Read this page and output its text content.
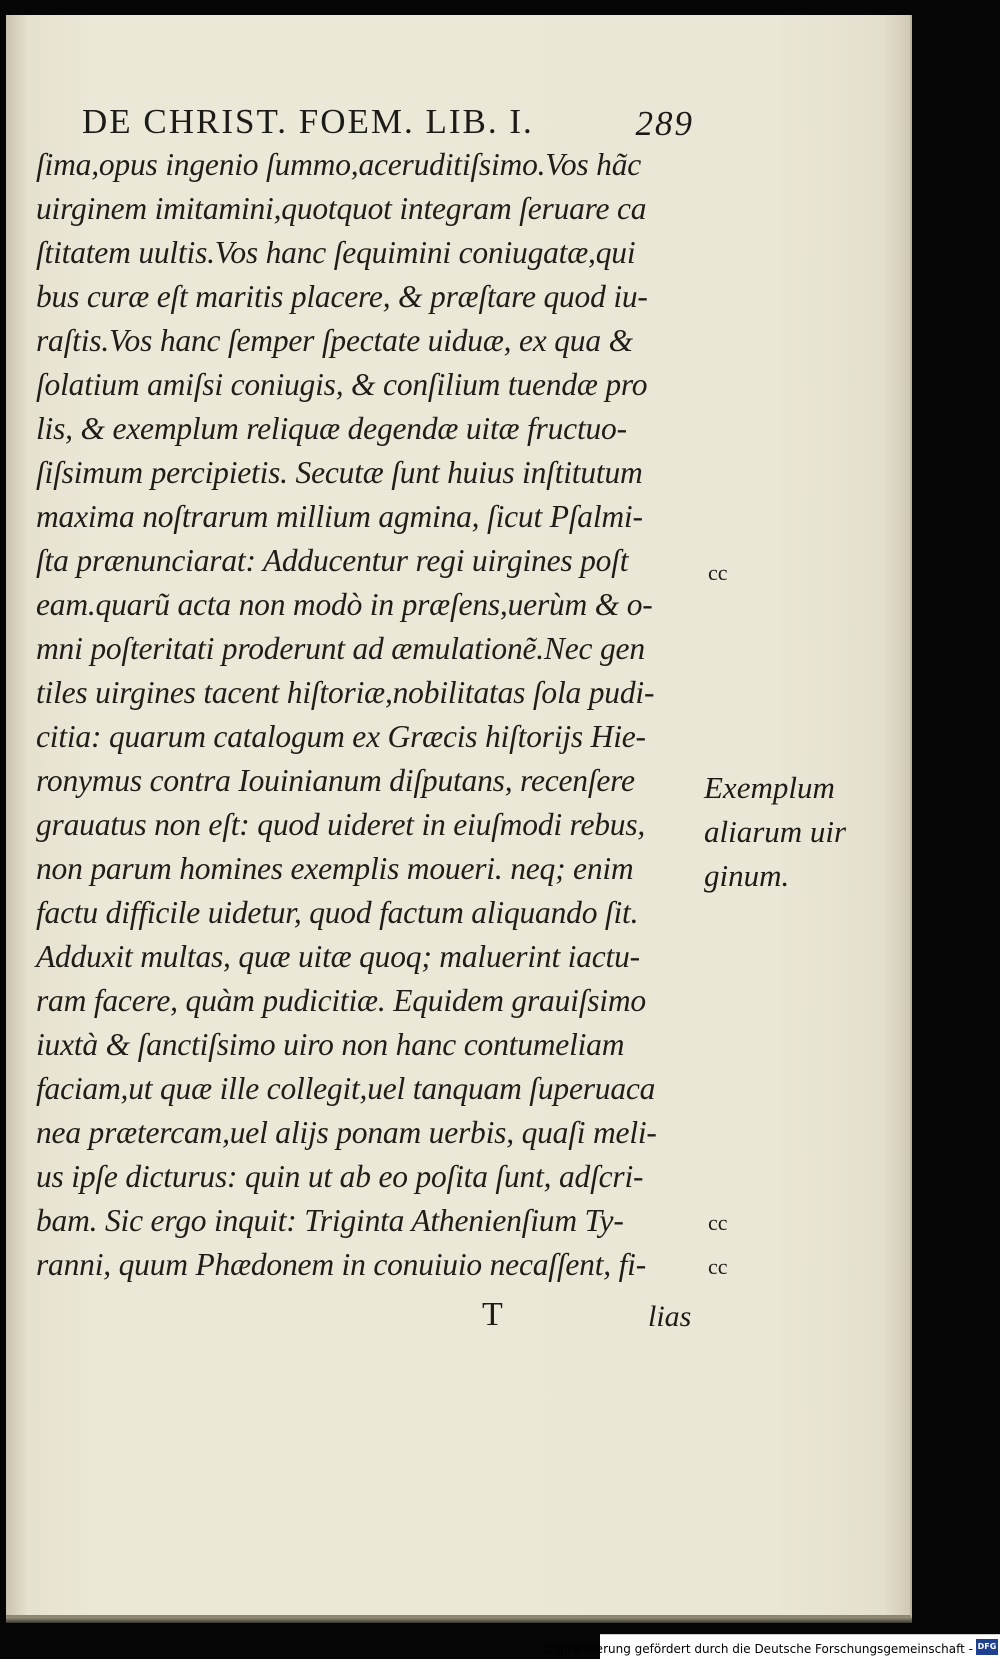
DE CHRIST. FOEM. LIB. I.	289
ſima,opus ingenio ſummo,aceruditiſsimo.Vos hãc
uirginem imitamini,quotquot integram ſeruare ca
ſtitatem uultis.Vos hanc ſequimini coniugatæ,qui
bus curæ eſt maritis placere, & præſtare quod iu-
raſtis.Vos hanc ſemper ſpectate uiduæ, ex qua &
ſolatium amiſsi coniugis, & conſilium tuendæ pro
lis, & exemplum reliquæ degendæ uitæ fructuo-
ſiſsimum percipietis. Secutæ ſunt huius inſtitutum
maxima noſtrarum millium agmina, ſicut Pſalmi-
ſta prænunciarat: Adducentur regi uirgines poſt
eam.quarũ acta non modò in præſens,uerùm & o-
mni poſteritati proderunt ad æmulationẽ.Nec gen
tiles uirgines tacent hiſtoriæ,nobilitatas ſola pudi-
citia: quarum catalogum ex Græcis hiſtorijs Hie-
ronymus contra Iouinianum diſputans, recenſere
grauatus non eſt: quod uideret in eiuſmodi rebus,
non parum homines exemplis moueri. neq; enim
factu difficile uidetur, quod factum aliquando ſit.
Adduxit multas, quæ uitæ quoq; maluerint iactu-
ram facere, quàm pudicitiæ. Equidem grauiſsimo
iuxtà & ſanctiſsimo uiro non hanc contumeliam
faciam,ut quæ ille collegit,uel tanquam ſuperuaca
nea prætercam,uel alijs ponam uerbis, quaſi meli-
us ipſe dicturus: quin ut ab eo poſita ſunt, adſcri-
bam. Sic ergo inquit: Triginta Athenienſium Ty-
ranni, quum Phædonem in conuiuio necaſſent, fi-
Exemplum
aliarum uir
ginum.
cc
cc
cc
T	lias
Digitalisierung gefördert durch die Deutsche Forschungsgemeinschaft - DFG
